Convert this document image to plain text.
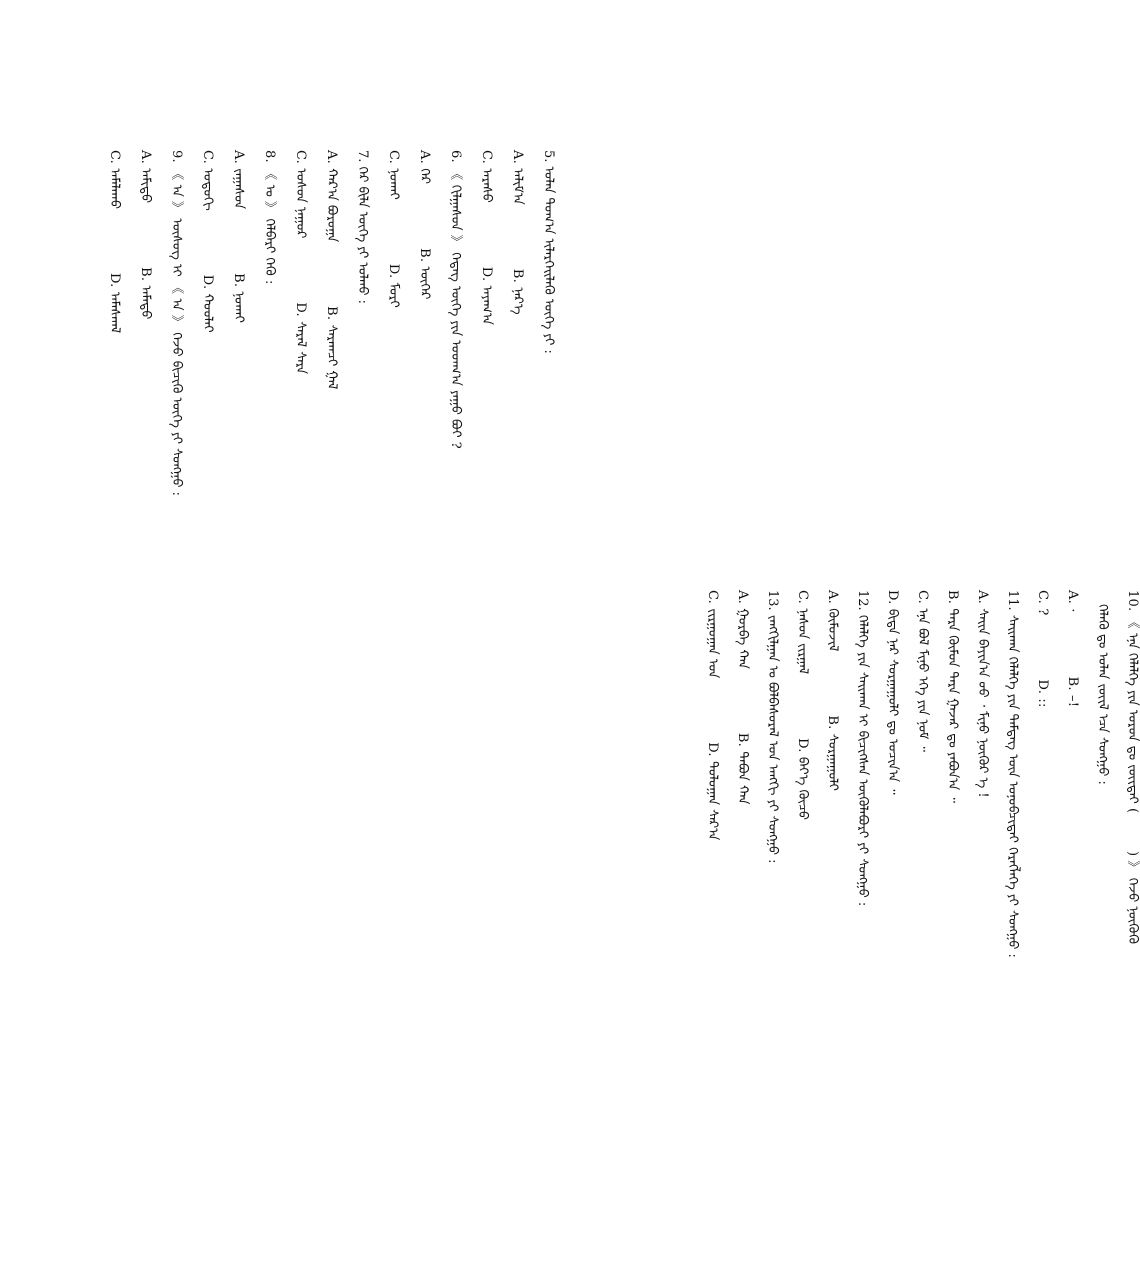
C. ᠠᠮᠠᠯᠠᠬᠤD. ᠠᠮᠠᠰᠬᠠᠯ
A. ᠠᠮᠢᠳᠤB. ᠠᠮᠠᠲᠤ
9. 《 ᠠ 》 ᠦᠰᠦᠭ ᠢ 《 ᠠ 》 ᠭᠡᠵᠦ ᠪᠢᠴᠢᠬᠦ ᠦᠭᠡ ᠶᠢ ᠰᠣᠩᠭᠣ :
C. ᠣᠳᠣᠬᠢD. ᠬᠣᠣᠯᠠᠢ
A. ᠵᠠᠭᠠᠰᠤᠨB. ᠨᠣᠬᠠᠢ
8. 《 ᠣ 》 ᠬᠡᠯᠪᠡᠷᠢ ᠭᠡᠬᠦ :
C. ᠤᠰᠤᠨ ᠨᠠᠭᠤᠷD. ᠰᠠᠷᠠᠯ ᠰᠠᠷᠠ
A. ᠬᠠᠷ᠎ᠠ ᠪᠣᠷᠣᠭᠠB. ᠰᠠᠷᠠᠭᠴᠢ ᠭᠠᠯ
7. ᠭᠡᠷ ᠪᠢᠯᠡ ᠦᠭᠡ ᠶᠢ ᠣᠯᠬᠤ :
C. ᠨᠣᠬᠠᠢD. ᠮᠣᠷᠢ
A. ᠭᠡᠷB. ᠦᠬᠡᠷ
6. 《 ᠬᠢᠯᠭᠠᠰᠤᠨ 》 ᠭᠡᠳᠡᠭ ᠦᠭᠡ ᠶᠢᠨ ᠤᠳᠬ᠎ᠠ ᠶᠠᠭᠤ ᠪᠤᠢ ?
C. ᠠᠷᠠᠰᠤD. ᠠᠶᠠᠭ᠎ᠠ
A. ᠠᠯᠢᠮ᠎ᠠB. ᠨᠡᠷ᠎ᠡ
5. ᠣᠯᠠᠨ ᠲᠣᠭ᠎ᠠ ᠢᠯᠡᠷᠬᠡᠢᠯᠡᠬᠦ ᠦᠭᠡ ᠶᠢ :
C. ᠵᠢᠷᠭᠤᠭᠠᠨ ᠣᠨD. ᠳᠣᠯᠣᠭᠠᠨ ᠰᠠᠷ᠎ᠠ
A. ᠭᠤᠷᠪᠠ ᠬᠠᠨB. ᠲᠠᠪᠤᠨ ᠬᠠᠨ
13. ᠵᠠᠩᠭᠢᠯᠭᠠᠨ ᠤ ᠪᠣᠯᠪᠠᠰᠤᠷᠠᠯ ᠤᠨ ᠠᠩᠭᠢ ᠶᠢ ᠰᠣᠩᠭᠣ :
C. ᠨᠠᠰᠤᠨ ᠵᠢᠷᠭᠠᠯD. ᠪᠡᠶ᠎ᠡ ᠬᠦᠴᠦ
A. ᠬᠦᠮᠦᠵᠢᠯB. ᠰᠤᠷᠭᠠᠭᠤᠯᠢ
12. ᠬᠡᠯᠡᠯᠭᠡ ᠶᠢᠨ ᠰᠠᠢᠬᠠᠨ ᠢ ᠪᠢᠴᠢᠭᠰᠡᠨ ᠦᠭᠦᠯᠡᠪᠦᠷᠢ ᠶᠢ ᠰᠣᠩᠭᠣ : D. ᠪᠢᠳᠡ ᠨᠠᠷ ᠰᠤᠷᠭᠠᠭᠤᠯᠢ ᠳᠤ ᠣᠴᠢᠨ᠎ᠠ ᠃ C. ᠡᠨᠡ ᠪᠣᠯ ᠮᠢᠨᠤ ᠡᠬᠡ ᠶᠢᠨ ᠨᠣᠮ ᠃ B. ᠲᠡᠷᠡ ᠬᠦᠮᠦᠨ ᠲᠡᠷᠡ ᠭᠠᠵᠠᠷ ᠳᠤ ᠶᠠᠪᠤᠨ᠎ᠠ ᠃ A. ᠰᠠᠢᠨ ᠪᠠᠶᠢᠨ᠎ᠠ ᠤᠤ ᠂ ᠮᠢᠨᠤ ᠨᠥᠬᠦᠷ ᠡ ! 11. ᠰᠠᠢᠬᠠᠨ ᠬᠡᠯᠡᠯᠭᠡ ᠶᠢᠨ ᠲᠡᠮᠳᠡᠭ ᠦᠨ ᠣᠨᠣᠪᠴᠢᠲᠠᠢ ᠬᠡᠷᠡᠭᠯᠡᠭᠡ ᠶᠢ ᠰᠣᠩᠭᠣ :
C. ?D. ::
A. ·B. –! ᠬᠡᠯᠡᠬᠦ ᠳᠤ ᠣᠯᠠᠨ ᠵᠦᠢᠯ ᠡᠴᠡ ᠰᠣᠩᠭᠣ :
10. 《 ᠡᠨᠡ ᠬᠡᠯᠡᠯᠭᠡ ᠶᠢᠨ ᠣᠷᠣᠨ ᠳᠤ ᠵᠦᠢᠲᠡᠢ () 》 ᠭᠡᠵᠦ ᠨᠦᠬᠦᠬᠦ
